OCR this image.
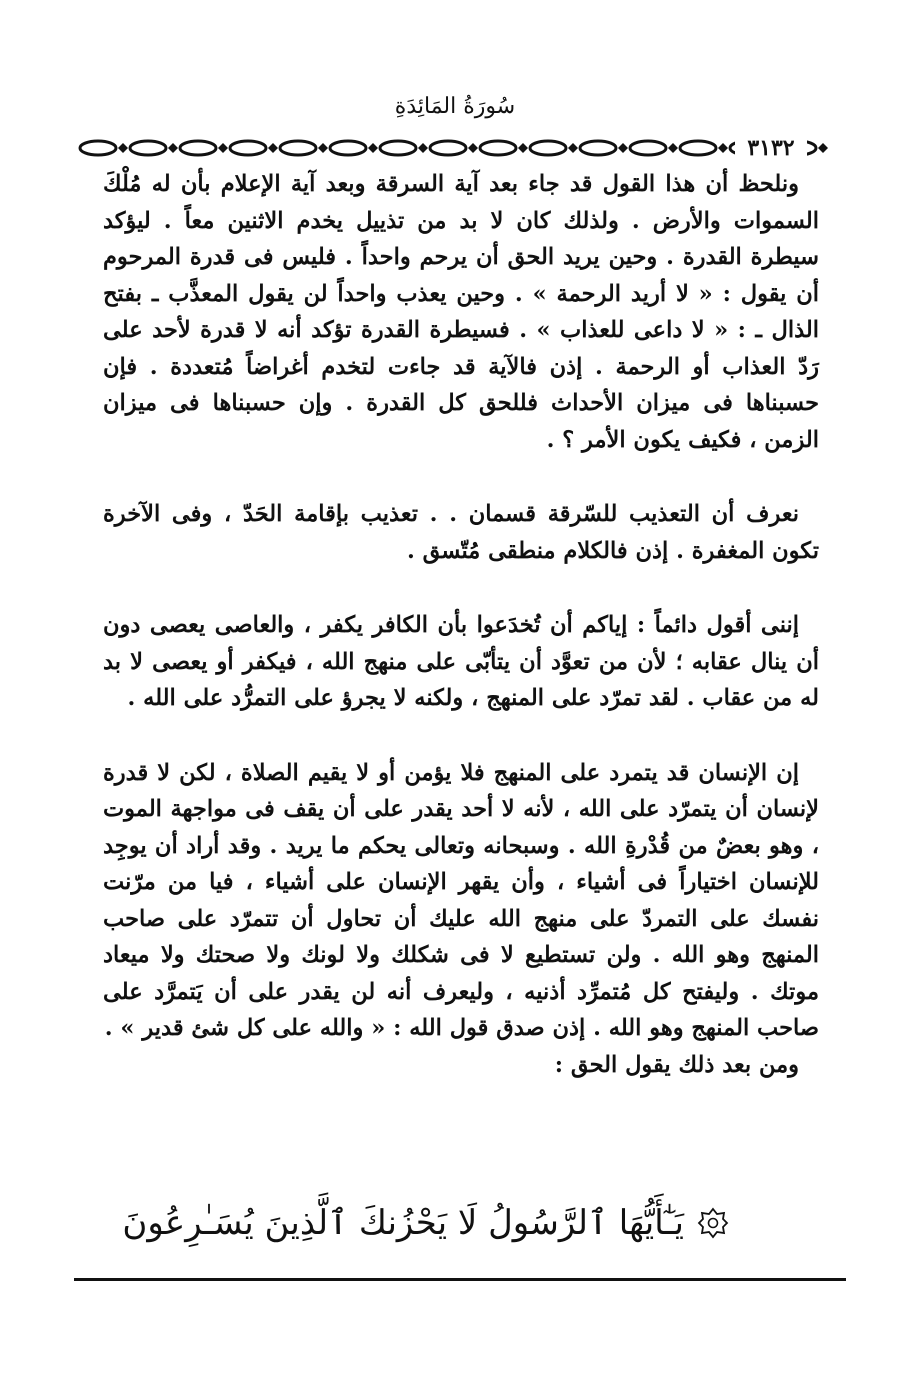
سُورَةُ المَائِدَةِ
٣١٣٢

ونلحظ أن هذا القول قد جاء بعد آية السرقة وبعد آية الإعلام بأن له مُلْكَ السموات والأرض . ولذلك كان لا بد من تذييل يخدم الاثنين معاً . ليؤكد سيطرة القدرة . وحين يريد الحق أن يرحم واحداً . فليس فى قدرة المرحوم أن يقول : « لا أريد الرحمة » . وحين يعذب واحداً لن يقول المعذَّب ـ بفتح الذال ـ : « لا داعى للعذاب » . فسيطرة القدرة تؤكد أنه لا قدرة لأحد على رَدّ العذاب أو الرحمة . إذن فالآية قد جاءت لتخدم أغراضاً مُتعددة . فإن حسبناها فى ميزان الأحداث فللحق كل القدرة . وإن حسبناها فى ميزان الزمن ، فكيف يكون الأمر ؟ .

نعرف أن التعذيب للسّرقة قسمان . . تعذيب بإقامة الحَدّ ، وفى الآخرة تكون المغفرة . إذن فالكلام منطقى مُتّسق .

إننى أقول دائماً : إياكم أن تُخدَعوا بأن الكافر يكفر ، والعاصى يعصى دون أن ينال عقابه ؛ لأن من تعوَّد أن يتأبّى على منهج الله ، فيكفر أو يعصى لا بد له من عقاب . لقد تمرّد على المنهج ، ولكنه لا يجرؤ على التمرُّد على الله .

إن الإنسان قد يتمرد على المنهج فلا يؤمن أو لا يقيم الصلاة ، لكن لا قدرة لإنسان أن يتمرّد على الله ، لأنه لا أحد يقدر على أن يقف فى مواجهة الموت ، وهو بعضٌ من قُدْرةِ الله . وسبحانه وتعالى يحكم ما يريد . وقد أراد أن يوجِد للإنسان اختياراً فى أشياء ، وأن يقهر الإنسان على أشياء ، فيا من مرّنت نفسك على التمردّ على منهج الله عليك أن تحاول أن تتمرّد على صاحب المنهج وهو الله . ولن تستطيع لا فى شكلك ولا لونك ولا صحتك ولا ميعاد موتك . وليفتح كل مُتمرِّد أذنيه ، وليعرف أنه لن يقدر على أن يَتمرَّد على صاحب المنهج وهو الله . إذن صدق قول الله : « والله على كل شئ قدير » .

ومن بعد ذلك يقول الحق :

يَـٰٓأَيُّهَا ٱلرَّسُولُ لَا يَحْزُنكَ ٱلَّذِينَ يُسَـٰرِعُونَ
